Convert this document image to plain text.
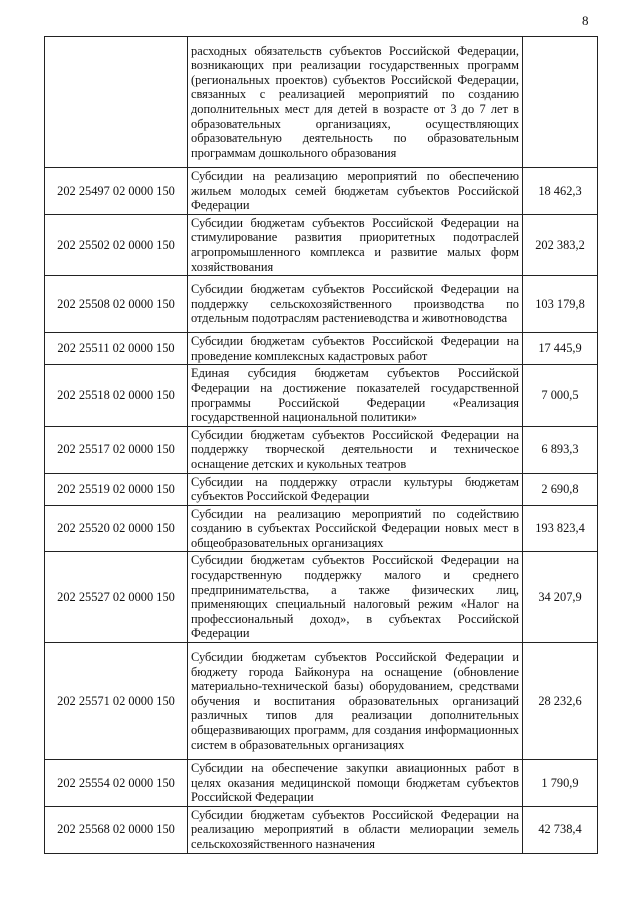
8
	расходных обязательств субъектов Российской Федерации, возникающих при реализации государственных программ (региональных проектов) субъектов Российской Федерации, связанных с реализацией мероприятий по созданию дополнительных мест для детей в возрасте от 3 до 7 лет в образовательных организациях, осуществляющих образовательную деятельность по образовательным программам дошкольного образования	
202 25497 02 0000 150	Субсидии на реализацию мероприятий по обеспечению жильем молодых семей бюджетам субъектов Российской Федерации	18 462,3
202 25502 02 0000 150	Субсидии бюджетам субъектов Российской Федерации на стимулирование развития приоритетных подотраслей агропромышленного комплекса и развитие малых форм хозяйствования	202 383,2
202 25508 02 0000 150	Субсидии бюджетам субъектов Российской Федерации на поддержку сельскохозяйственного производства по отдельным подотраслям растениеводства и животноводства	103 179,8
202 25511 02 0000 150	Субсидии бюджетам субъектов Российской Федерации на проведение комплексных кадастровых работ	17 445,9
202 25518 02 0000 150	Единая субсидия бюджетам субъектов Российской Федерации на достижение показателей государственной программы Российской Федерации «Реализация государственной национальной политики»	7 000,5
202 25517 02 0000 150	Субсидии бюджетам субъектов Российской Федерации на поддержку творческой деятельности и техническое оснащение детских и кукольных театров	6 893,3
202 25519 02 0000 150	Субсидии на поддержку отрасли культуры бюджетам субъектов Российской Федерации	2 690,8
202 25520 02 0000 150	Субсидии на реализацию мероприятий по содействию созданию в субъектах Российской Федерации новых мест в общеобразовательных организациях	193 823,4
202 25527 02 0000 150	Субсидии бюджетам субъектов Российской Федерации на государственную поддержку малого и среднего предпринимательства, а также физических лиц, применяющих специальный налоговый режим «Налог на профессиональный доход», в субъектах Российской Федерации	34 207,9
202 25571 02 0000 150	Субсидии бюджетам субъектов Российской Федерации и бюджету города Байконура на оснащение (обновление материально-технической базы) оборудованием, средствами обучения и воспитания образовательных организаций различных типов для реализации дополнительных общеразвивающих программ, для создания информационных систем в образовательных организациях	28 232,6
202 25554 02 0000 150	Субсидии на обеспечение закупки авиационных работ в целях оказания медицинской помощи бюджетам субъектов Российской Федерации	1 790,9
202 25568 02 0000 150	Субсидии бюджетам субъектов Российской Федерации на реализацию мероприятий в области мелиорации земель сельскохозяйственного назначения	42 738,4
